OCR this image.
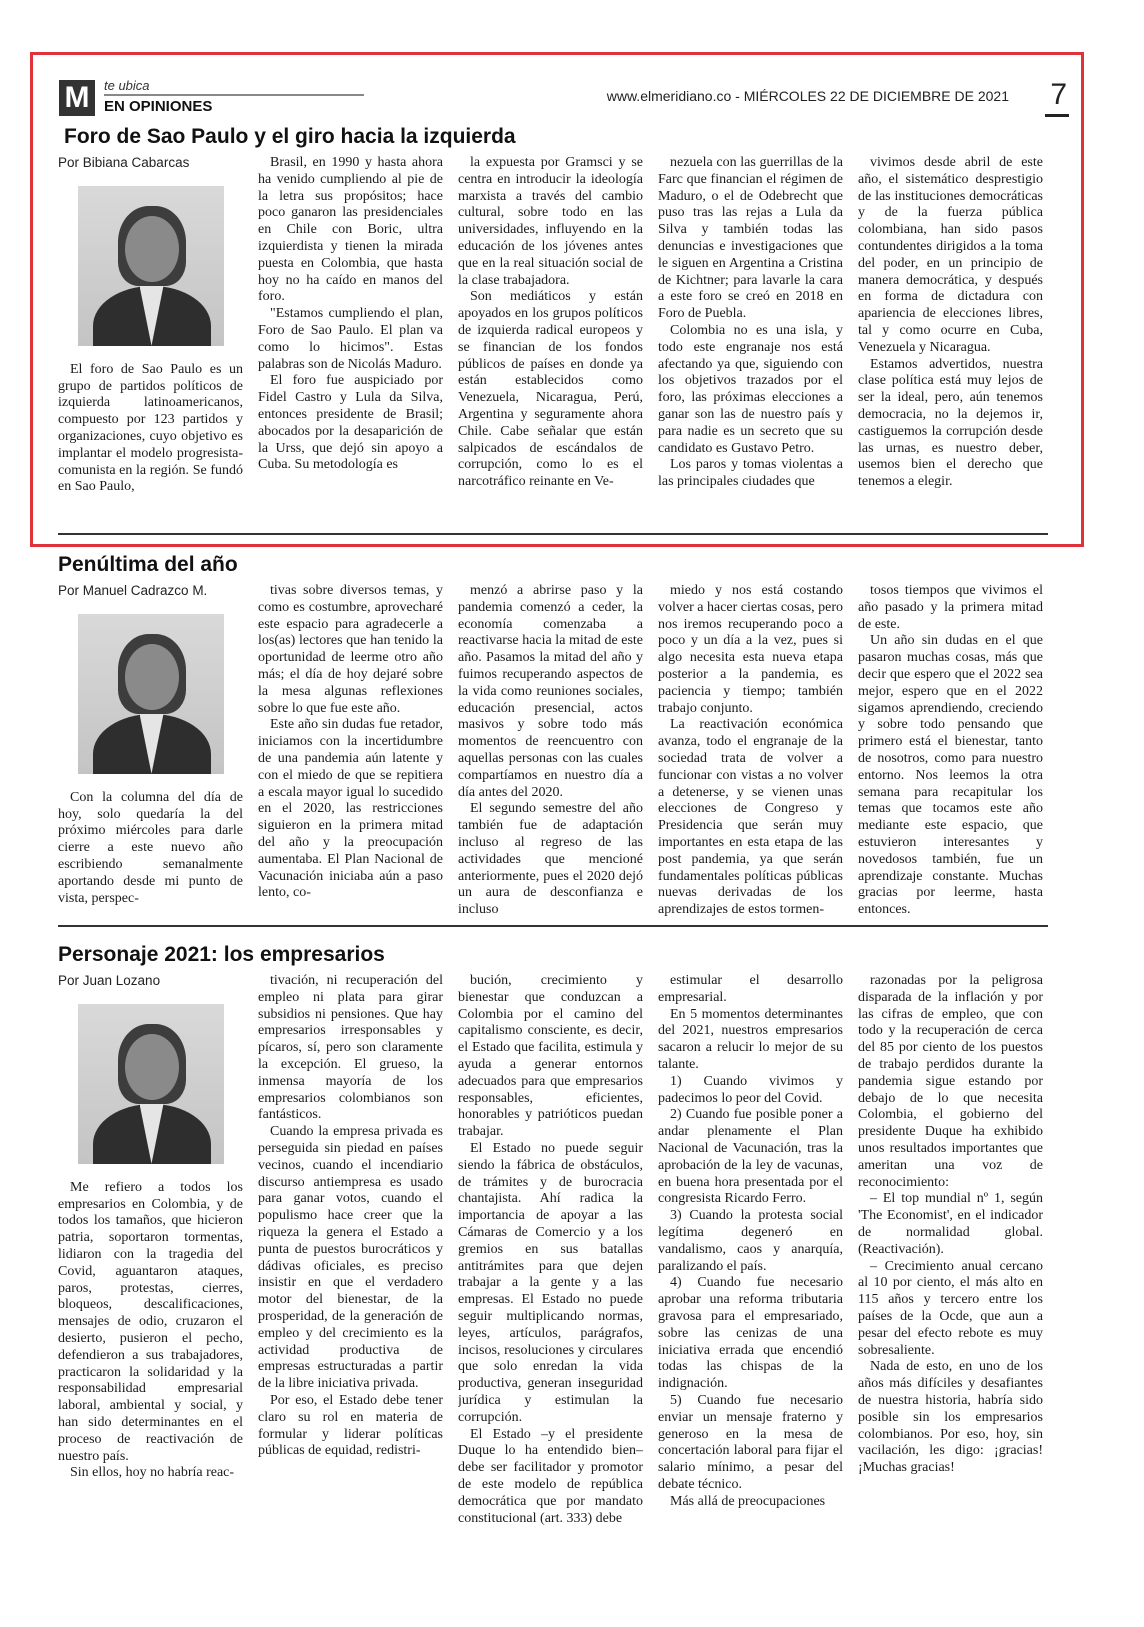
M	te ubica
EN OPINIONES
www.elmeridiano.co - MIÉRCOLES 22 DE DICIEMBRE DE 2021 7
Foro de Sao Paulo y el giro hacia la izquierda
Por Bibiana Cabarcas

El foro de Sao Paulo es un grupo de partidos políticos de izquierda latinoamericanos, compuesto por 123 partidos y organizaciones, cuyo objetivo es implantar el modelo progresista-comunista en la región. Se fundó en Sao Paulo,

Brasil, en 1990 y hasta ahora ha venido cumpliendo al pie de la letra sus propósitos; hace poco ganaron las presidenciales en Chile con Boric, ultra izquierdista y tienen la mirada puesta en Colombia, que hasta hoy no ha caído en manos del foro.

"Estamos cumpliendo el plan, Foro de Sao Paulo. El plan va como lo hicimos". Estas palabras son de Nicolás Maduro.

El foro fue auspiciado por Fidel Castro y Lula da Silva, entonces presidente de Brasil; abocados por la desaparición de la Urss, que dejó sin apoyo a Cuba. Su metodología es

la expuesta por Gramsci y se centra en introducir la ideología marxista a través del cambio cultural, sobre todo en las universidades, influyendo en la educación de los jóvenes antes que en la real situación social de la clase trabajadora.

Son mediáticos y están apoyados en los grupos políticos de izquierda radical europeos y se financian de los fondos públicos de países en donde ya están establecidos como Venezuela, Nicaragua, Perú, Argentina y seguramente ahora Chile. Cabe señalar que están salpicados de escándalos de corrupción, como lo es el narcotráfico reinante en Ve-

nezuela con las guerrillas de la Farc que financian el régimen de Maduro, o el de Odebrecht que puso tras las rejas a Lula da Silva y también todas las denuncias e investigaciones que le siguen en Argentina a Cristina de Kichtner; para lavarle la cara a este foro se creó en 2018 en Foro de Puebla.

Colombia no es una isla, y todo este engranaje nos está afectando ya que, siguiendo con los objetivos trazados por el foro, las próximas elecciones a ganar son las de nuestro país y para nadie es un secreto que su candidato es Gustavo Petro.

Los paros y tomas violentas a las principales ciudades que

vivimos desde abril de este año, el sistemático desprestigio de las instituciones democráticas y de la fuerza pública colombiana, han sido pasos contundentes dirigidos a la toma del poder, en un principio de manera democrática, y después en forma de dictadura con apariencia de elecciones libres, tal y como ocurre en Cuba, Venezuela y Nicaragua.

Estamos advertidos, nuestra clase política está muy lejos de ser la ideal, pero, aún tenemos democracia, no la dejemos ir, castiguemos la corrupción desde las urnas, es nuestro deber, usemos bien el derecho que tenemos a elegir.

Penúltima del año
Por Manuel Cadrazco M.

Con la columna del día de hoy, solo quedaría la del próximo miércoles para darle cierre a este nuevo año escribiendo semanalmente aportando desde mi punto de vista, perspec-

tivas sobre diversos temas, y como es costumbre, aprovecharé este espacio para agradecerle a los(as) lectores que han tenido la oportunidad de leerme otro año más; el día de hoy dejaré sobre la mesa algunas reflexiones sobre lo que fue este año.

Este año sin dudas fue retador, iniciamos con la incertidumbre de una pandemia aún latente y con el miedo de que se repitiera a escala mayor igual lo sucedido en el 2020, las restricciones siguieron en la primera mitad del año y la preocupación aumentaba. El Plan Nacional de Vacunación iniciaba aún a paso lento, co-

menzó a abrirse paso y la pandemia comenzó a ceder, la economía comenzaba a reactivarse hacia la mitad de este año. Pasamos la mitad del año y fuimos recuperando aspectos de la vida como reuniones sociales, educación presencial, actos masivos y sobre todo más momentos de reencuentro con aquellas personas con las cuales compartíamos en nuestro día a día antes del 2020.

El segundo semestre del año también fue de adaptación incluso al regreso de las actividades que mencioné anteriormente, pues el 2020 dejó un aura de desconfianza e incluso

miedo y nos está costando volver a hacer ciertas cosas, pero nos iremos recuperando poco a poco y un día a la vez, pues si algo necesita esta nueva etapa posterior a la pandemia, es paciencia y tiempo; también trabajo conjunto.

La reactivación económica avanza, todo el engranaje de la sociedad trata de volver a funcionar con vistas a no volver a detenerse, y se vienen unas elecciones de Congreso y Presidencia que serán muy importantes en esta etapa de las post pandemia, ya que serán fundamentales políticas públicas nuevas derivadas de los aprendizajes de estos tormen-

tosos tiempos que vivimos el año pasado y la primera mitad de este.

Un año sin dudas en el que pasaron muchas cosas, más que decir que espero que el 2022 sea mejor, espero que en el 2022 sigamos aprendiendo, creciendo y sobre todo pensando que primero está el bienestar, tanto de nosotros, como para nuestro entorno. Nos leemos la otra semana para recapitular los temas que tocamos este año mediante este espacio, que estuvieron interesantes y novedosos también, fue un aprendizaje constante. Muchas gracias por leerme, hasta entonces.

Personaje 2021: los empresarios
Por Juan Lozano

Me refiero a todos los empresarios en Colombia, y de todos los tamaños, que hicieron patria, soportaron tormentas, lidiaron con la tragedia del Covid, aguantaron ataques, paros, protestas, cierres, bloqueos, descalificaciones, mensajes de odio, cruzaron el desierto, pusieron el pecho, defendieron a sus trabajadores, practicaron la solidaridad y la responsabilidad empresarial laboral, ambiental y social, y han sido determinantes en el proceso de reactivación de nuestro país.

Sin ellos, hoy no habría reac-

tivación, ni recuperación del empleo ni plata para girar subsidios ni pensiones. Que hay empresarios irresponsables y pícaros, sí, pero son claramente la excepción. El grueso, la inmensa mayoría de los empresarios colombianos son fantásticos.

Cuando la empresa privada es perseguida sin piedad en países vecinos, cuando el incendiario discurso antiempresa es usado para ganar votos, cuando el populismo hace creer que la riqueza la genera el Estado a punta de puestos burocráticos y dádivas oficiales, es preciso insistir en que el verdadero motor del bienestar, de la prosperidad, de la generación de empleo y del crecimiento es la actividad productiva de empresas estructuradas a partir de la libre iniciativa privada.

Por eso, el Estado debe tener claro su rol en materia de formular y liderar políticas públicas de equidad, redistri-

bución, crecimiento y bienestar que conduzcan a Colombia por el camino del capitalismo consciente, es decir, el Estado que facilita, estimula y ayuda a generar entornos adecuados para que empresarios responsables, eficientes, honorables y patrióticos puedan trabajar.

El Estado no puede seguir siendo la fábrica de obstáculos, de trámites y de burocracia chantajista. Ahí radica la importancia de apoyar a las Cámaras de Comercio y a los gremios en sus batallas antitrámites para que dejen trabajar a la gente y a las empresas. El Estado no puede seguir multiplicando normas, leyes, artículos, parágrafos, incisos, resoluciones y circulares que solo enredan la vida productiva, generan inseguridad jurídica y estimulan la corrupción.

El Estado –y el presidente Duque lo ha entendido bien– debe ser facilitador y promotor de este modelo de república democrática que por mandato constitucional (art. 333) debe

estimular el desarrollo empresarial.

En 5 momentos determinantes del 2021, nuestros empresarios sacaron a relucir lo mejor de su talante.

1) Cuando vivimos y padecimos lo peor del Covid.

2) Cuando fue posible poner a andar plenamente el Plan Nacional de Vacunación, tras la aprobación de la ley de vacunas, en buena hora presentada por el congresista Ricardo Ferro.

3) Cuando la protesta social legítima degeneró en vandalismo, caos y anarquía, paralizando el país.

4) Cuando fue necesario aprobar una reforma tributaria gravosa para el empresariado, sobre las cenizas de una iniciativa errada que encendió todas las chispas de la indignación.

5) Cuando fue necesario enviar un mensaje fraterno y generoso en la mesa de concertación laboral para fijar el salario mínimo, a pesar del debate técnico.

Más allá de preocupaciones

razonadas por la peligrosa disparada de la inflación y por las cifras de empleo, que con todo y la recuperación de cerca del 85 por ciento de los puestos de trabajo perdidos durante la pandemia sigue estando por debajo de lo que necesita Colombia, el gobierno del presidente Duque ha exhibido unos resultados importantes que ameritan una voz de reconocimiento:

– El top mundial nº 1, según 'The Economist', en el indicador de normalidad global. (Reactivación).

– Crecimiento anual cercano al 10 por ciento, el más alto en 115 años y tercero entre los países de la Ocde, que aun a pesar del efecto rebote es muy sobresaliente.

Nada de esto, en uno de los años más difíciles y desafiantes de nuestra historia, habría sido posible sin los empresarios colombianos. Por eso, hoy, sin vacilación, les digo: ¡gracias! ¡Muchas gracias!
